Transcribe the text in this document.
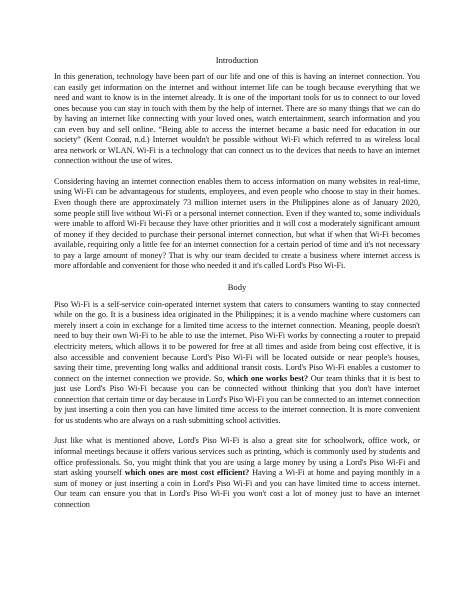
Introduction

In this generation, technology have been part of our life and one of this is having an internet connection. You can easily get information on the internet and without internet life can be tough because everything that we need and want to know is in the internet already. It is one of the important tools for us to connect to our loved ones because you can stay in touch with them by the help of internet. There are so many things that we can do by having an internet like connecting with your loved ones, watch entertainment, search information and you can even buy and sell online. “Being able to access the internet became a basic need for education in our society” (Kent Conrad, n.d.) Internet wouldn't be possible without Wi-Fi which referred to as wireless local area network or WLAN. Wi-Fi is a technology that can connect us to the devices that needs to have an internet connection without the use of wires.

Considering having an internet connection enables them to access information on many websites in real-time, using Wi-Fi can be advantageous for students, employees, and even people who choose to stay in their homes. Even though there are approximately 73 million internet users in the Philippines alone as of January 2020, some people still live without Wi-Fi or a personal internet connection. Even if they wanted to, some individuals were unable to afford Wi-Fi because they have other priorities and it will cost a moderately significant amount of money if they decided to purchase their personal internet connection, but what if when that Wi-Fi becomes available, requiring only a little fee for an internet connection for a certain period of time and it's not necessary to pay a large amount of money? That is why our team decided to create a business where internet access is more affordable and convenient for those who needed it and it's called Lord's Piso Wi-Fi.

Body

Piso Wi-Fi is a self-service coin-operated internet system that caters to consumers wanting to stay connected while on the go. It is a business idea originated in the Philippines; it is a vendo machine where customers can merely insert a coin in exchange for a limited time access to the internet connection. Meaning, people doesn't need to buy their own Wi-Fi to be able to use the internet. Piso Wi-Fi works by connecting a router to prepaid electricity meters, which allows it to be powered for free at all times and aside from being cost effective, it is also accessible and convenient because Lord's Piso Wi-Fi will be located outside or near people's houses, saving their time, preventing long walks and additional transit costs. Lord's Piso Wi-Fi enables a customer to connect on the internet connection we provide. So, which one works best? Our team thinks that it is best to just use Lord's Piso Wi-Fi because you can be connected without thinking that you don't have internet connection that certain time or day because in Lord's Piso Wi-Fi you can be connected to an internet connection by just inserting a coin then you can have limited time access to the internet connection. It is more convenient for us students who are always on a rush submitting school activities.

Just like what is mentioned above, Lord's Piso Wi-Fi is also a great site for schoolwork, office work, or informal meetings because it offers various services such as printing, which is commonly used by students and office professionals. So, you might think that you are using a large money by using a Lord's Piso Wi-Fi and start asking yourself which ones are most cost efficient? Having a Wi-Fi at home and paying monthly in a sum of money or just inserting a coin in Lord's Piso Wi-Fi and you can have limited time to access internet. Our team can ensure you that in Lord's Piso Wi-Fi you won't cost a lot of money just to have an internet connection
